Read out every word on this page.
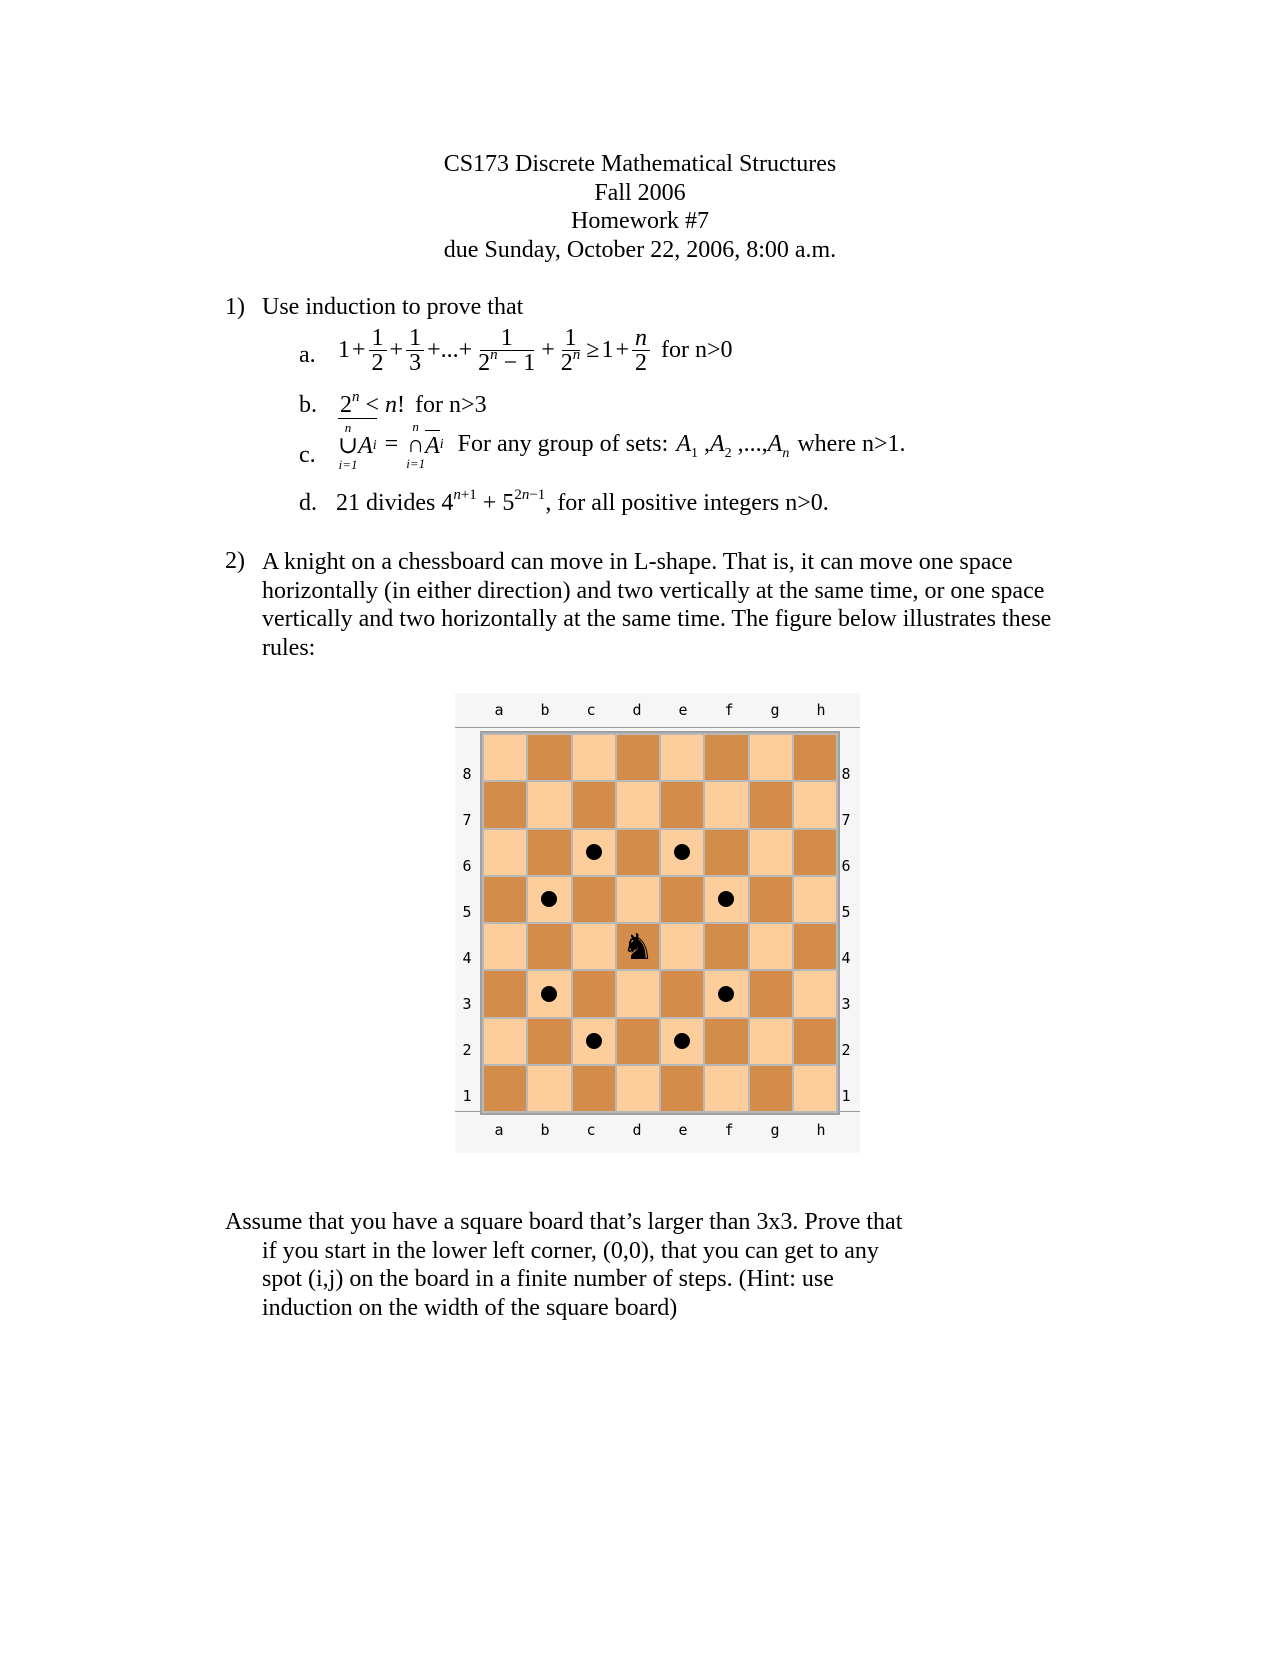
CS173 Discrete Mathematical Structures
Fall 2006
Homework #7
due Sunday, October 22, 2006, 8:00 a.m.
1) Use induction to prove that
a. $1 + \frac{1}{2} + \frac{1}{3}$ +...+ $\frac{1}{2^n - 1} + \frac{1}{2^n} \ge 1 + \frac{n}{2}$ for n>0
b. $2^n < n$! for n>3
c.
n
∪
i=1
A i =
n
∩
i=1
A i For any group of sets: $A_1$ $,A_2$ $,...,A_n$ where n>1.
d. 21 divides $4^{n+1} + 5^{2n-1}$, for all positive integers n>0.
2) A knight on a chessboard can move in L-shape. That is, it can move one space horizontally (in either direction) and two vertically at the same time, or one space vertically and two horizontally at the same time. The figure below illustrates these rules:
♞
a
a
b
b
c
c
d
d
e
e
f
f
g
g
h
h
8	8
7	7
6	6
5	5
4	4
3	3
2	2
1	1
Assume that you have a square board that’s larger than 3x3. Prove that
if you start in the lower left corner, (0,0), that you can get to any spot (i,j) on the board in a finite number of steps. (Hint: use induction on the width of the square board)
